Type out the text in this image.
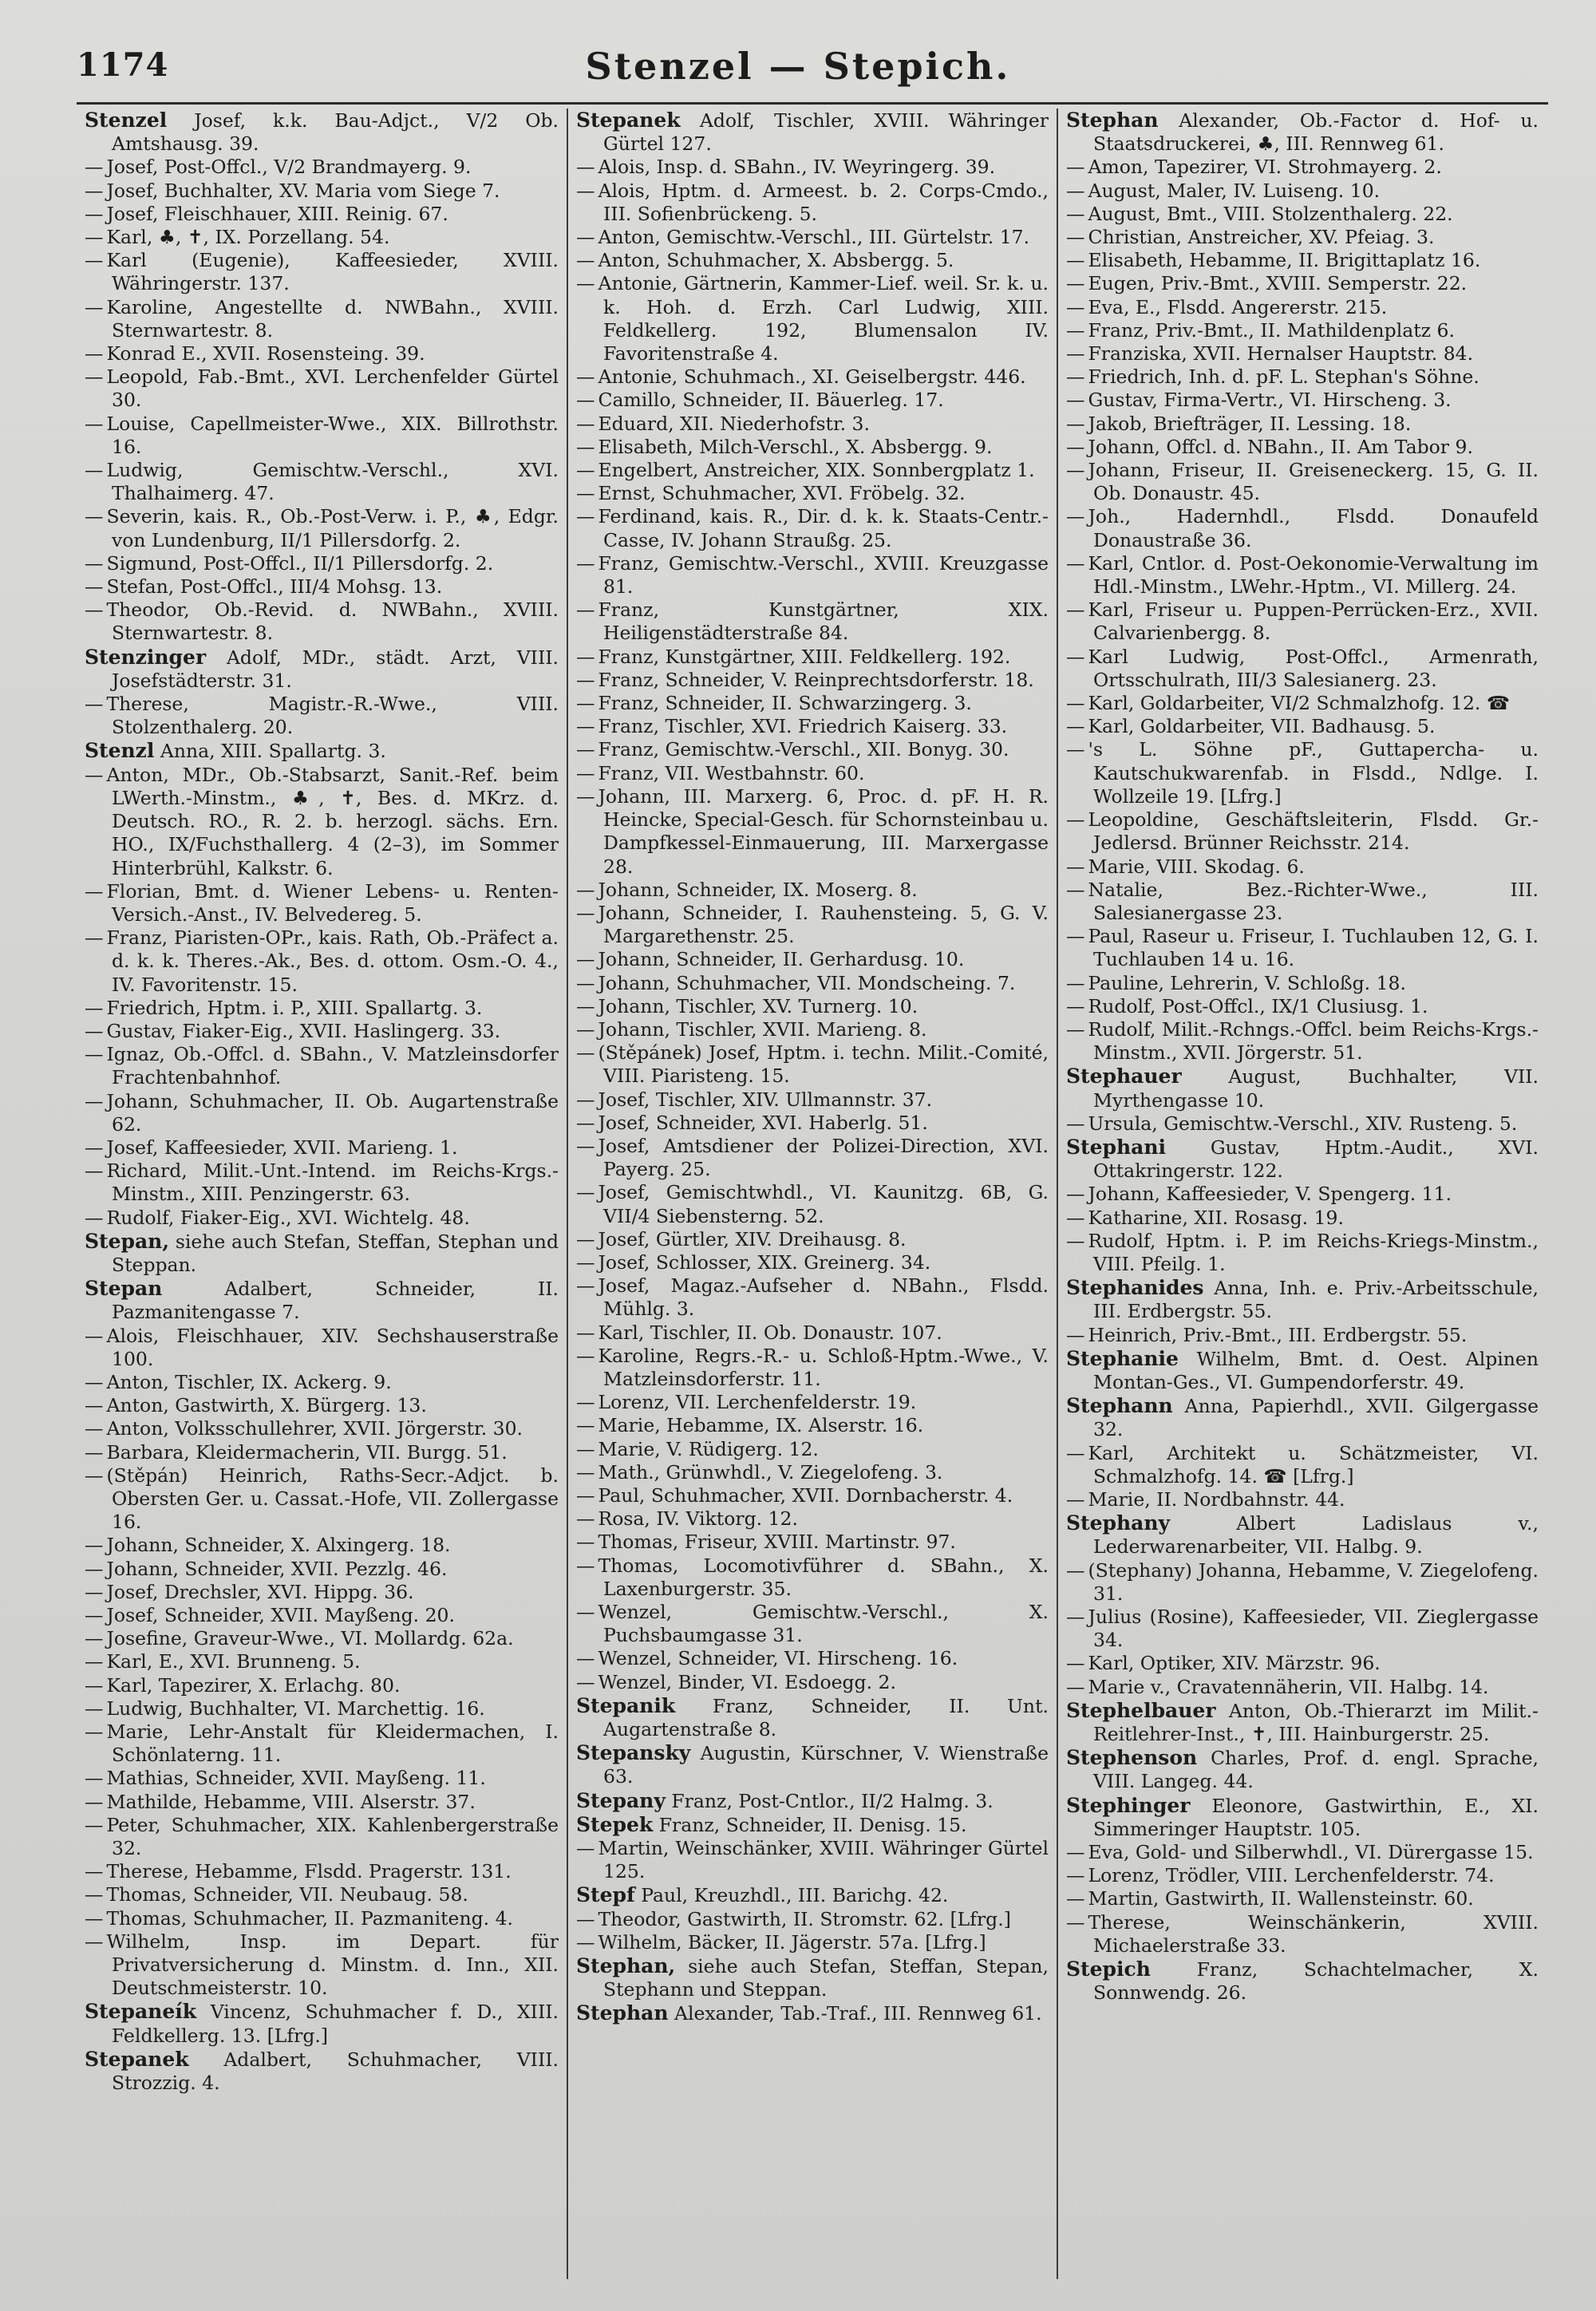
1174	Stenzel — Stepich.

Stenzel Josef, k.k. Bau-Adjct., V/2 Ob. Amtshausg. 39.

— Josef, Post-Offcl., V/2 Brandmayerg. 9.

— Josef, Buchhalter, XV. Maria vom Siege 7.

— Josef, Fleischhauer, XIII. Reinig. 67.

— Karl, ♣, ✝, IX. Porzellang. 54.

— Karl (Eugenie), Kaffeesieder, XVIII. Währingerstr. 137.

— Karoline, Angestellte d. NWBahn., XVIII. Sternwartestr. 8.

— Konrad E., XVII. Rosensteing. 39.

— Leopold, Fab.-Bmt., XVI. Lerchenfelder Gürtel 30.

— Louise, Capellmeister-Wwe., XIX. Billrothstr. 16.

— Ludwig, Gemischtw.-Verschl., XVI. Thalhaimerg. 47.

— Severin, kais. R., Ob.-Post-Verw. i. P., ♣, Edgr. von Lundenburg, II/1 Pillersdorfg. 2.

— Sigmund, Post-Offcl., II/1 Pillersdorfg. 2.

— Stefan, Post-Offcl., III/4 Mohsg. 13.

— Theodor, Ob.-Revid. d. NWBahn., XVIII. Sternwartestr. 8.

Stenzinger Adolf, MDr., städt. Arzt, VIII. Josefstädterstr. 31.

— Therese, Magistr.-R.-Wwe., VIII. Stolzenthalerg. 20.

Stenzl Anna, XIII. Spallartg. 3.

— Anton, MDr., Ob.-Stabsarzt, Sanit.-Ref. beim LWerth.-Minstm., ♣, ✝, Bes. d. MKrz. d. Deutsch. RO., R. 2. b. herzogl. sächs. Ern. HO., IX/Fuchsthallerg. 4 (2–3), im Sommer Hinterbrühl, Kalkstr. 6.

— Florian, Bmt. d. Wiener Lebens- u. Renten-Versich.-Anst., IV. Belvedereg. 5.

— Franz, Piaristen-OPr., kais. Rath, Ob.-Präfect a. d. k. k. Theres.-Ak., Bes. d. ottom. Osm.-O. 4., IV. Favoritenstr. 15.

— Friedrich, Hptm. i. P., XIII. Spallartg. 3.

— Gustav, Fiaker-Eig., XVII. Haslingerg. 33.

— Ignaz, Ob.-Offcl. d. SBahn., V. Matzleinsdorfer Frachtenbahnhof.

— Johann, Schuhmacher, II. Ob. Augartenstraße 62.

— Josef, Kaffeesieder, XVII. Marieng. 1.

— Richard, Milit.-Unt.-Intend. im Reichs-Krgs.-Minstm., XIII. Penzingerstr. 63.

— Rudolf, Fiaker-Eig., XVI. Wichtelg. 48.

Stepan, siehe auch Stefan, Steffan, Stephan und Steppan.

Stepan	Adalbert, Schneider, II. Pazmanitengasse 7.

— Alois, Fleischhauer, XIV. Sechshauserstraße 100.

— Anton, Tischler, IX. Ackerg. 9.

— Anton, Gastwirth, X. Bürgerg. 13.

— Anton, Volksschullehrer, XVII. Jörgerstr. 30.

— Barbara, Kleidermacherin, VII. Burgg. 51.

— (Stěpán) Heinrich, Raths-Secr.-Adjct. b. Obersten Ger. u. Cassat.-Hofe, VII. Zollergasse 16.

— Johann, Schneider, X. Alxingerg. 18.

— Johann, Schneider, XVII. Pezzlg. 46.

— Josef, Drechsler, XVI. Hippg. 36.

— Josef, Schneider, XVII. Mayßeng. 20.

— Josefine, Graveur-Wwe., VI. Mollardg. 62a.

— Karl, E., XVI. Brunneng. 5.

— Karl, Tapezirer, X. Erlachg. 80.

— Ludwig, Buchhalter, VI. Marchettig. 16.

— Marie, Lehr-Anstalt für Kleidermachen, I. Schönlaterng. 11.

— Mathias, Schneider, XVII. Mayßeng. 11.

— Mathilde, Hebamme, VIII. Alserstr. 37.

— Peter, Schuhmacher, XIX. Kahlenbergerstraße 32.

— Therese, Hebamme, Flsdd. Pragerstr. 131.

— Thomas, Schneider, VII. Neubaug. 58.

— Thomas, Schuhmacher, II. Pazmaniteng. 4.

— Wilhelm, Insp. im Depart. für Privatversicherung d. Minstm. d. Inn., XII. Deutschmeisterstr. 10.

Stepaneík Vincenz, Schuhmacher f. D., XIII. Feldkellerg. 13. [Lfrg.]

Stepanek Adalbert, Schuhmacher, VIII. Strozzig. 4.

Stepanek Adolf, Tischler, XVIII. Währinger Gürtel 127.

— Alois, Insp. d. SBahn., IV. Weyringerg. 39.

— Alois, Hptm. d. Armeest. b. 2. Corps-Cmdo., III. Sofienbrückeng. 5.

— Anton, Gemischtw.-Verschl., III. Gürtelstr. 17.

— Anton, Schuhmacher, X. Absbergg. 5.

— Antonie, Gärtnerin, Kammer-Lief. weil. Sr. k. u. k. Hoh. d. Erzh. Carl Ludwig, XIII. Feldkellerg. 192, Blumensalon IV. Favoritenstraße 4.

— Antonie, Schuhmach., XI. Geiselbergstr. 446.

— Camillo, Schneider, II. Bäuerleg. 17.

— Eduard, XII. Niederhofstr. 3.

— Elisabeth, Milch-Verschl., X. Absbergg. 9.

— Engelbert, Anstreicher, XIX. Sonnbergplatz 1.

— Ernst, Schuhmacher, XVI. Fröbelg. 32.

— Ferdinand, kais. R., Dir. d. k. k. Staats-Centr.-Casse, IV. Johann Straußg. 25.

— Franz, Gemischtw.-Verschl., XVIII. Kreuzgasse 81.

— Franz, Kunstgärtner, XIX. Heiligenstädterstraße 84.

— Franz, Kunstgärtner, XIII. Feldkellerg. 192.

— Franz, Schneider, V. Reinprechtsdorferstr. 18.

— Franz, Schneider, II. Schwarzingerg. 3.

— Franz, Tischler, XVI. Friedrich Kaiserg. 33.

— Franz, Gemischtw.-Verschl., XII. Bonyg. 30.

— Franz, VII. Westbahnstr. 60.

— Johann, III. Marxerg. 6, Proc. d. pF. H. R. Heincke, Special-Gesch. für Schornsteinbau u. Dampfkessel-Einmauerung, III. Marxergasse 28.

— Johann, Schneider, IX. Moserg. 8.

— Johann, Schneider, I. Rauhensteing. 5, G. V. Margarethenstr. 25.

— Johann, Schneider, II. Gerhardusg. 10.

— Johann, Schuhmacher, VII. Mondscheing. 7.

— Johann, Tischler, XV. Turnerg. 10.

— Johann, Tischler, XVII. Marieng. 8.

— (Stěpánek) Josef, Hptm. i. techn. Milit.-Comité, VIII. Piaristeng. 15.

— Josef, Tischler, XIV. Ullmannstr. 37.

— Josef, Schneider, XVI. Haberlg. 51.

— Josef, Amtsdiener der Polizei-Direction, XVI. Payerg. 25.

— Josef, Gemischtwhdl., VI. Kaunitzg. 6B, G. VII/4 Siebensterng. 52.

— Josef, Gürtler, XIV. Dreihausg. 8.

— Josef, Schlosser, XIX. Greinerg. 34.

— Josef, Magaz.-Aufseher d. NBahn., Flsdd. Mühlg. 3.

— Karl, Tischler, II. Ob. Donaustr. 107.

— Karoline, Regrs.-R.- u. Schloß-Hptm.-Wwe., V. Matzleinsdorferstr. 11.

— Lorenz, VII. Lerchenfelderstr. 19.

— Marie, Hebamme, IX. Alserstr. 16.

— Marie, V. Rüdigerg. 12.

— Math., Grünwhdl., V. Ziegelofeng. 3.

— Paul, Schuhmacher, XVII. Dornbacherstr. 4.

— Rosa, IV. Viktorg. 12.

— Thomas, Friseur, XVIII. Martinstr. 97.

— Thomas, Locomotivführer d. SBahn., X. Laxenburgerstr. 35.

— Wenzel, Gemischtw.-Verschl., X. Puchsbaumgasse 31.

— Wenzel, Schneider, VI. Hirscheng. 16.

— Wenzel, Binder, VI. Esdoegg. 2.

Stepanik Franz, Schneider, II. Unt. Augartenstraße 8.

Stepansky Augustin, Kürschner, V. Wienstraße 63.

Stepany Franz, Post-Cntlor., II/2 Halmg. 3.

Stepek Franz, Schneider, II. Denisg. 15.

— Martin, Weinschänker, XVIII. Währinger Gürtel 125.

Stepf Paul, Kreuzhdl., III. Barichg. 42.

— Theodor, Gastwirth, II. Stromstr. 62. [Lfrg.]

— Wilhelm, Bäcker, II. Jägerstr. 57a. [Lfrg.]

Stephan, siehe auch Stefan, Steffan, Stepan, Stephann und Steppan.

Stephan Alexander, Tab.-Traf., III. Rennweg 61.

Stephan Alexander, Ob.-Factor d. Hof- u. Staatsdruckerei, ♣, III. Rennweg 61.

— Amon, Tapezirer, VI. Strohmayerg. 2.

— August, Maler, IV. Luiseng. 10.

— August, Bmt., VIII. Stolzenthalerg. 22.

— Christian, Anstreicher, XV. Pfeiag. 3.

— Elisabeth, Hebamme, II. Brigittaplatz 16.

— Eugen, Priv.-Bmt., XVIII. Semperstr. 22.

— Eva, E., Flsdd. Angererstr. 215.

— Franz, Priv.-Bmt., II. Mathildenplatz 6.

— Franziska, XVII. Hernalser Hauptstr. 84.

— Friedrich, Inh. d. pF. L. Stephan's Söhne.

— Gustav, Firma-Vertr., VI. Hirscheng. 3.

— Jakob, Briefträger, II. Lessing. 18.

— Johann, Offcl. d. NBahn., II. Am Tabor 9.

— Johann, Friseur, II. Greiseneckerg. 15, G. II. Ob. Donaustr. 45.

— Joh., Hadernhdl., Flsdd. Donaufeld Donaustraße 36.

— Karl, Cntlor. d. Post-Oekonomie-Verwaltung im Hdl.-Minstm., LWehr.-Hptm., VI. Millerg. 24.

— Karl, Friseur u. Puppen-Perrücken-Erz., XVII. Calvarienbergg. 8.

— Karl Ludwig, Post-Offcl., Armenrath, Ortsschulrath, III/3 Salesianerg. 23.

— Karl, Goldarbeiter, VI/2 Schmalzhofg. 12. ☎

— Karl, Goldarbeiter, VII. Badhausg. 5.

— 's L. Söhne pF., Guttapercha- u. Kautschukwarenfab. in Flsdd., Ndlge. I. Wollzeile 19. [Lfrg.]

— Leopoldine, Geschäftsleiterin, Flsdd. Gr.-Jedlersd. Brünner Reichsstr. 214.

— Marie, VIII. Skodag. 6.

— Natalie, Bez.-Richter-Wwe., III. Salesianergasse 23.

— Paul, Raseur u. Friseur, I. Tuchlauben 12, G. I. Tuchlauben 14 u. 16.

— Pauline, Lehrerin, V. Schloßg. 18.

— Rudolf, Post-Offcl., IX/1 Clusiusg. 1.

— Rudolf, Milit.-Rchngs.-Offcl. beim Reichs-Krgs.-Minstm., XVII. Jörgerstr. 51.

Stephauer	August, Buchhalter, VII. Myrthengasse 10.

— Ursula, Gemischtw.-Verschl., XIV. Rusteng. 5.

Stephani Gustav, Hptm.-Audit., XVI. Ottakringerstr. 122.

— Johann, Kaffeesieder, V. Spengerg. 11.

— Katharine, XII. Rosasg. 19.

— Rudolf, Hptm. i. P. im Reichs-Kriegs-Minstm., VIII. Pfeilg. 1.

Stephanides Anna, Inh. e. Priv.-Arbeitsschule, III. Erdbergstr. 55.

— Heinrich, Priv.-Bmt., III. Erdbergstr. 55.

Stephanie Wilhelm, Bmt. d. Oest. Alpinen Montan-Ges., VI. Gumpendorferstr. 49.

Stephann Anna, Papierhdl., XVII. Gilgergasse 32.

— Karl, Architekt u. Schätzmeister, VI. Schmalzhofg. 14. ☎ [Lfrg.]

— Marie, II. Nordbahnstr. 44.

Stephany	Albert Ladislaus v., Lederwarenarbeiter, VII. Halbg. 9.

— (Stephany) Johanna, Hebamme, V. Ziegelofeng. 31.

— Julius (Rosine), Kaffeesieder, VII. Zieglergasse 34.

— Karl, Optiker, XIV. Märzstr. 96.

— Marie v., Cravatennäherin, VII. Halbg. 14.

Stephelbauer Anton, Ob.-Thierarzt im Milit.-Reitlehrer-Inst., ✝, III. Hainburgerstr. 25.

Stephenson Charles, Prof. d. engl. Sprache, VIII. Langeg. 44.

Stephinger Eleonore, Gastwirthin, E., XI. Simmeringer Hauptstr. 105.

— Eva, Gold- und Silberwhdl., VI. Dürergasse 15.

— Lorenz, Trödler, VIII. Lerchenfelderstr. 74.

— Martin, Gastwirth, II. Wallensteinstr. 60.

— Therese, Weinschänkerin, XVIII. Michaelerstraße 33.

Stepich Franz, Schachtelmacher, X. Sonnwendg. 26.
